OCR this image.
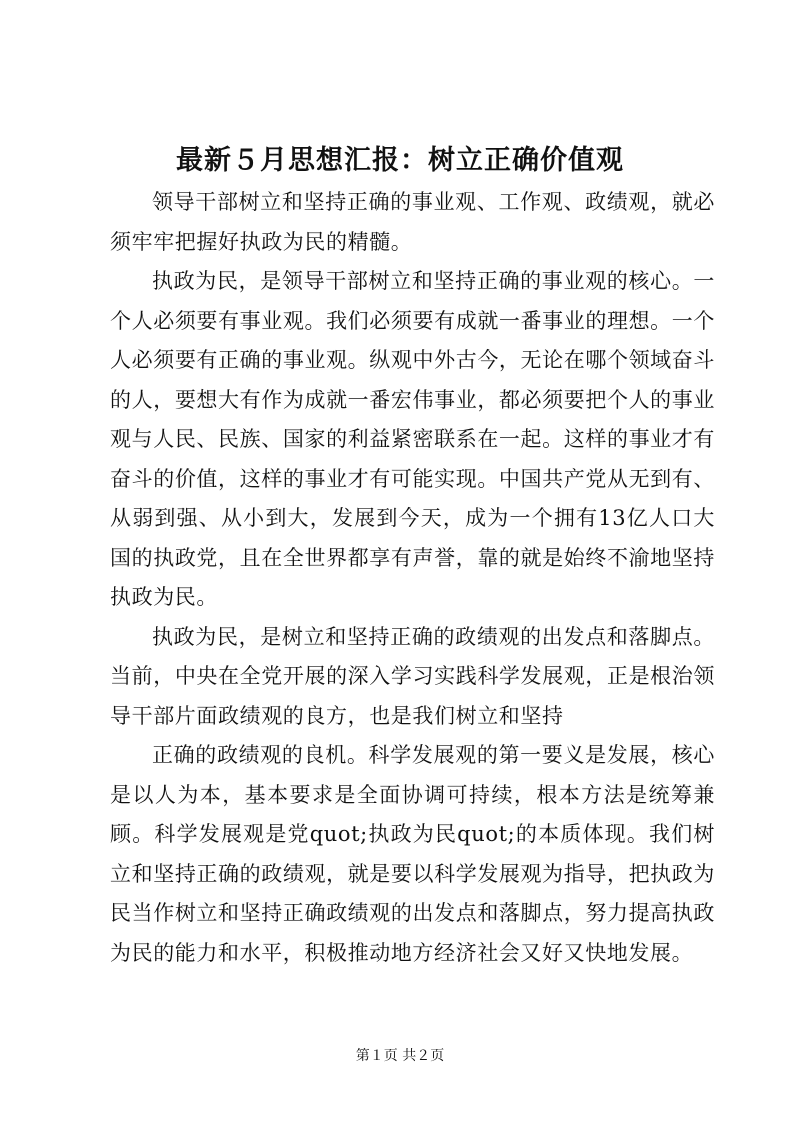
最新５月思想汇报：树立正确价值观

领导干部树立和坚持正确的事业观、工作观、政绩观，就必须牢牢把握好执政为民的精髓。

执政为民，是领导干部树立和坚持正确的事业观的核心。一个人必须要有事业观。我们必须要有成就一番事业的理想。一个人必须要有正确的事业观。纵观中外古今，无论在哪个领域奋斗的人，要想大有作为成就一番宏伟事业，都必须要把个人的事业观与人民、民族、国家的利益紧密联系在一起。这样的事业才有奋斗的价值，这样的事业才有可能实现。中国共产党从无到有、从弱到强、从小到大，发展到今天，成为一个拥有13亿人口大国的执政党，且在全世界都享有声誉，靠的就是始终不渝地坚持执政为民。

执政为民，是树立和坚持正确的政绩观的出发点和落脚点。当前，中央在全党开展的深入学习实践科学发展观，正是根治领导干部片面政绩观的良方，也是我们树立和坚持

正确的政绩观的良机。科学发展观的第一要义是发展，核心是以人为本，基本要求是全面协调可持续，根本方法是统筹兼顾。科学发展观是党quot;执政为民quot;的本质体现。我们树立和坚持正确的政绩观，就是要以科学发展观为指导，把执政为民当作树立和坚持正确政绩观的出发点和落脚点，努力提高执政为民的能力和水平，积极推动地方经济社会又好又快地发展。

第１页 共２页
